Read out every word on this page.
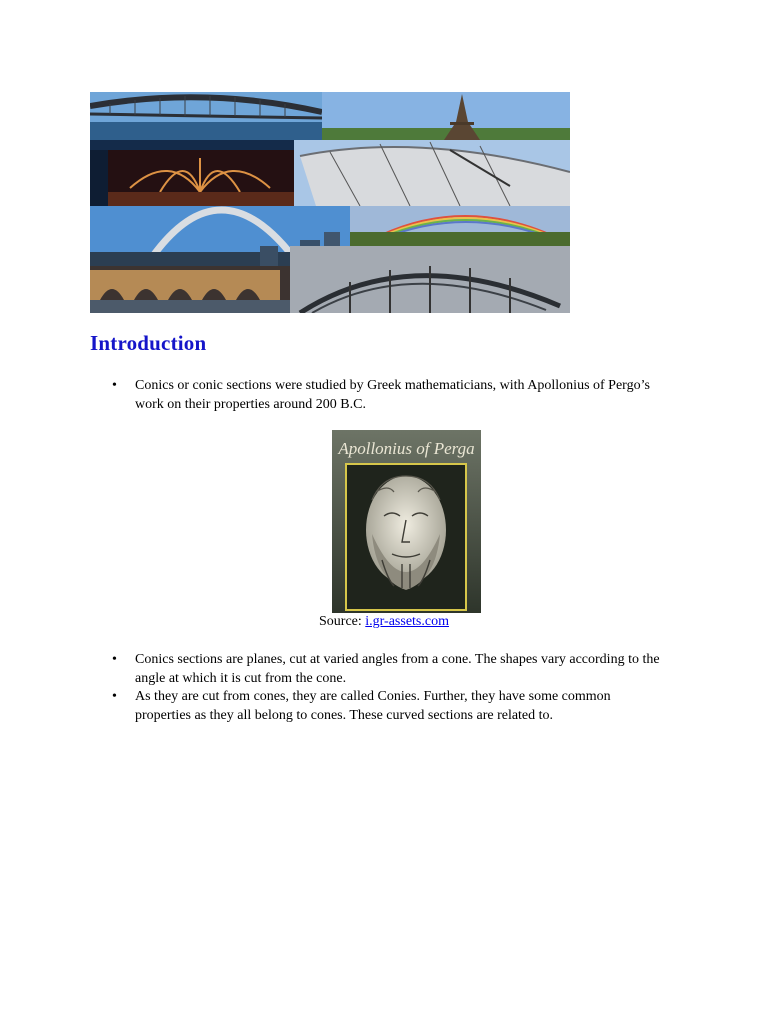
Introduction
• Conics or conic sections were studied by Greek mathematicians, with Apollonius of Pergo’s work on their properties around 200 B.C.
Apollonius of Perga
Source: i.gr-assets.com
• Conics sections are planes, cut at varied angles from a cone. The shapes vary according to the angle at which it is cut from the cone.
• As they are cut from cones, they are called Conies. Further, they have some common properties as they all belong to cones. These curved sections are related to.
